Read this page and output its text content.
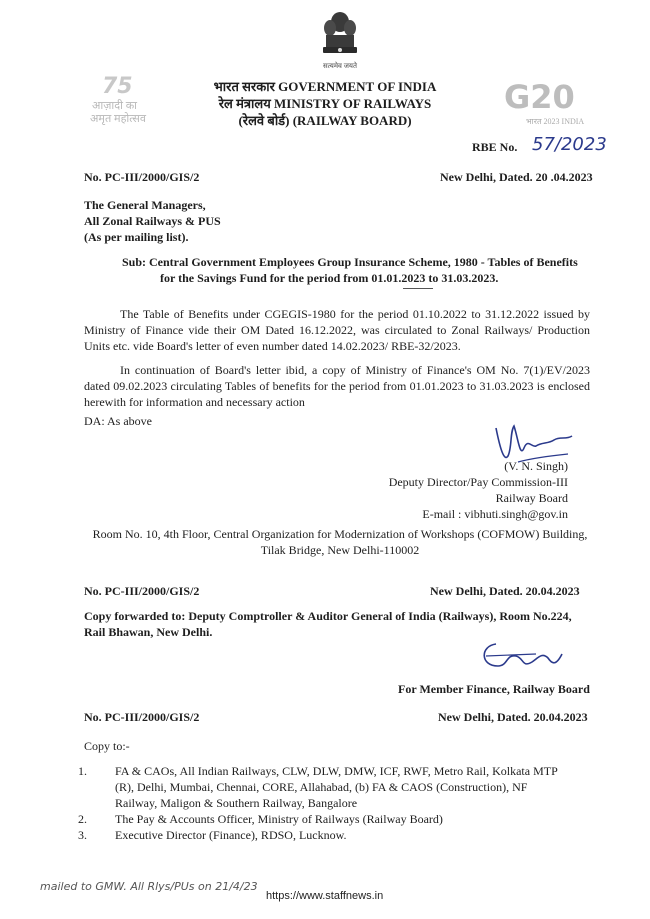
सत्यमेव जयते
75
आज़ादी का
अमृत महोत्सव
G20
भारत 2023 INDIA
भारत सरकार GOVERNMENT OF INDIA
रेल मंत्रालय MINISTRY OF RAILWAYS
(रेलवे बोर्ड) (RAILWAY BOARD)
RBE No. 57/2023
No. PC-III/2000/GIS/2	New Delhi, Dated. 20 .04.2023
The General Managers,
All Zonal Railways & PUS
(As per mailing list).
Sub: Central Government Employees Group Insurance Scheme, 1980 - Tables of Benefits
for the Savings Fund for the period from 01.01.2023 to 31.03.2023.
The Table of Benefits under CGEGIS-1980 for the period 01.10.2022 to 31.12.2022 issued by Ministry of Finance vide their OM Dated 16.12.2022, was circulated to Zonal Railways/ Production Units etc. vide Board's letter of even number dated 14.02.2023/ RBE-32/2023.
In continuation of Board's letter ibid, a copy of Ministry of Finance's OM No. 7(1)/EV/2023 dated 09.02.2023 circulating Tables of benefits for the period from 01.01.2023 to 31.03.2023 is enclosed herewith for information and necessary action
DA: As above
(V. N. Singh)
Deputy Director/Pay Commission-III
Railway Board
E-mail : vibhuti.singh@gov.in
Room No. 10, 4th Floor, Central Organization for Modernization of Workshops (COFMOW) Building,
Tilak Bridge, New Delhi-110002
No. PC-III/2000/GIS/2	New Delhi, Dated. 20.04.2023
Copy forwarded to: Deputy Comptroller & Auditor General of India (Railways), Room No.224,
Rail Bhawan, New Delhi.
For Member Finance, Railway Board
No. PC-III/2000/GIS/2	New Delhi, Dated. 20.04.2023
Copy to:-
1. FA & CAOs, All Indian Railways, CLW, DLW, DMW, ICF, RWF, Metro Rail, Kolkata MTP (R), Delhi, Mumbai, Chennai, CORE, Allahabad, (b) FA & CAOS (Construction), NF Railway, Maligon & Southern Railway, Bangalore
2. The Pay & Accounts Officer, Ministry of Railways (Railway Board)
3. Executive Director (Finance), RDSO, Lucknow.
mailed to GMW. All Rlys/PUs on 21/4/23
https://www.staffnews.in
